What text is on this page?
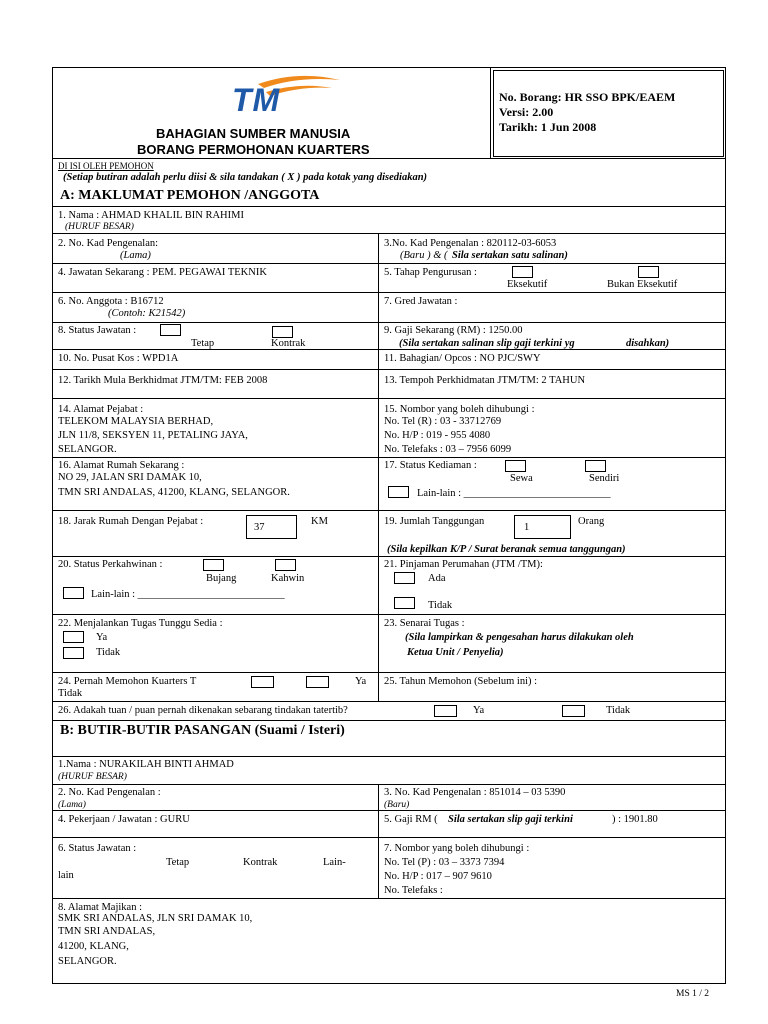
TM
BAHAGIAN SUMBER MANUSIA
BORANG PERMOHONAN KUARTERS
No. Borang: HR SSO BPK/EAEM
Versi: 2.00
Tarikh: 1 Jun 2008
DI ISI OLEH PEMOHON
(Setiap butiran adalah perlu diisi & sila tandakan ( X ) pada kotak yang disediakan)
A: MAKLUMAT PEMOHON /ANGGOTA
1. Nama : AHMAD KHALIL BIN RAHIMI
(HURUF BESAR)
2. No. Kad Pengenalan:
(Lama)
3.No. Kad Pengenalan : 820112-03-6053
(Baru ) & ( Sila sertakan satu salinan)
4. Jawatan Sekarang : PEM. PEGAWAI TEKNIK	5. Tahap Pengurusan :
Eksekutif	Bukan Eksekutif
6. No. Anggota : B16712
(Contoh: K21542)
7. Gred Jawatan :
8. Status Jawatan :
Tetap	Kontrak
9. Gaji Sekarang (RM) : 1250.00
(Sila sertakan salinan slip gaji terkini yg	disahkan)
10. No. Pusat Kos : WPD1A	11. Bahagian/ Opcos : NO PJC/SWY
12. Tarikh Mula Berkhidmat JTM/TM: FEB 2008	13. Tempoh Perkhidmatan JTM/TM: 2 TAHUN
14. Alamat Pejabat :
TELEKOM MALAYSIA BERHAD,
JLN 11/8, SEKSYEN 11, PETALING JAYA,
SELANGOR.
15. Nombor yang boleh dihubungi :
No. Tel (R) : 03 - 33712769
No. H/P : 019 - 955 4080
No. Telefaks : 03 – 7956 6099
16. Alamat Rumah Sekarang :
NO 29, JALAN SRI DAMAK 10,
TMN SRI ANDALAS, 41200, KLANG, SELANGOR.
17. Status Kediaman :
Sewa	Sendiri
Lain-lain : ____________________________
18. Jarak Rumah Dengan Pejabat :
37
KM	19. Jumlah Tanggungan
1
Orang
(Sila kepilkan K/P / Surat beranak semua tanggungan)
20. Status Perkahwinan :
Bujang	Kahwin
Lain-lain : ____________________________
21. Pinjaman Perumahan (JTM /TM):
Ada
Tidak
22. Menjalankan Tugas Tunggu Sedia :
Ya
Tidak
23. Senarai Tugas :
(Sila lampirkan & pengesahan harus dilakukan oleh
Ketua Unit / Penyelia)
24. Pernah Memohon Kuarters T	Ya
Tidak
25. Tahun Memohon (Sebelum ini) :
26. Adakah tuan / puan pernah dikenakan sebarang tindakan tatertib?	Ya	Tidak
B: BUTIR-BUTIR PASANGAN (Suami / Isteri)
1.Nama : NURAKILAH BINTI AHMAD
(HURUF BESAR)
2. No. Kad Pengenalan :
(Lama)
3. No. Kad Pengenalan : 851014 – 03 5390
(Baru)
4. Pekerjaan / Jawatan : GURU	5. Gaji RM ( Sila sertakan slip gaji terkini	) : 1901.80
6. Status Jawatan :
Tetap	Kontrak	Lain-
lain
7. Nombor yang boleh dihubungi :
No. Tel (P) : 03 – 3373 7394
No. H/P : 017 – 907 9610
No. Telefaks :
8. Alamat Majikan :
SMK SRI ANDALAS, JLN SRI DAMAK 10,
TMN SRI ANDALAS,
41200, KLANG,
SELANGOR.
MS 1 / 2
